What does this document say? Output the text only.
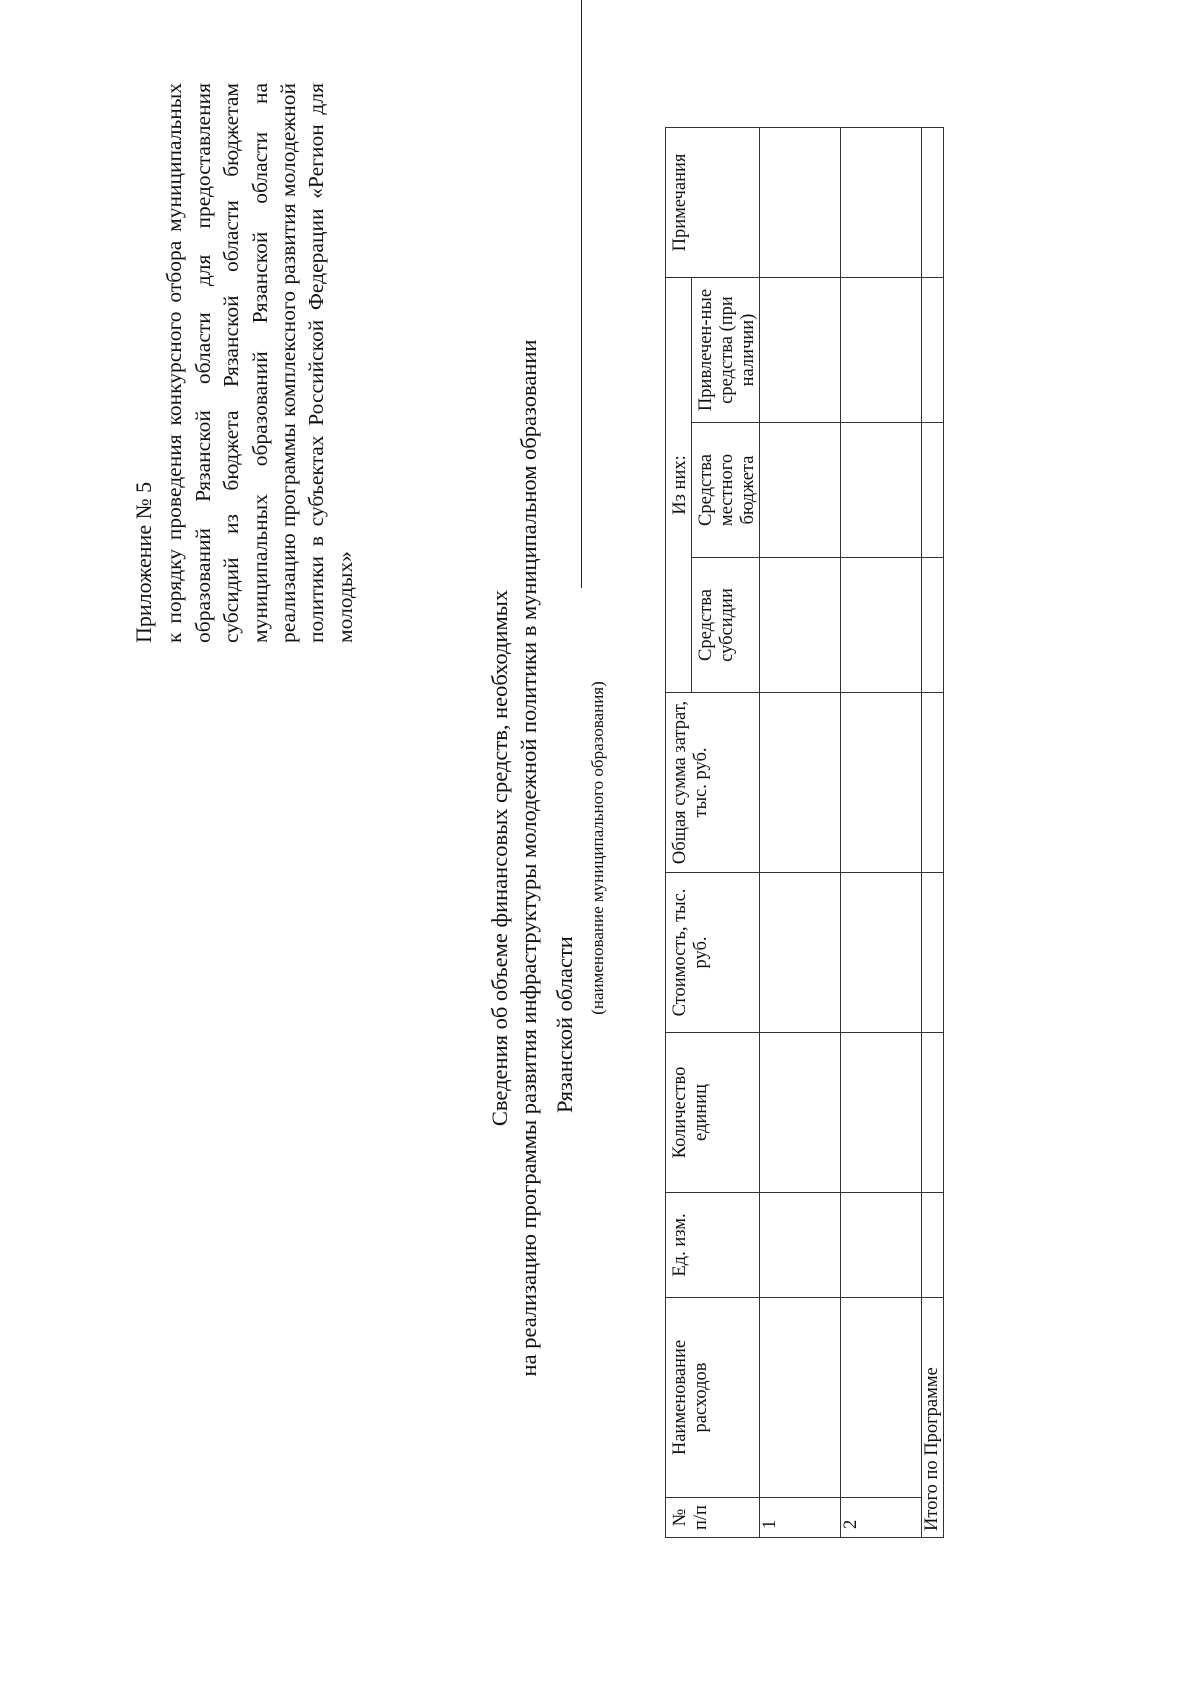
Приложение № 5 к порядку проведения конкурсного отбора муниципальных образований Рязанской области для предоставления субсидий из бюджета Рязанской области бюджетам муниципальных образований Рязанской области на реализацию программы комплексного развития молодежной политики в субъектах Российской Федерации «Регион для молодых»	Сведения об объеме финансовых средств, необходимых на реализацию программы развития инфраструктуры молодежной политики в муниципальном образовании Рязанской области
(наименование муниципального образования)
№ п/п	Наименование расходов	Ед. изм.	Количество единиц	Стоимость, тыс. руб.	Общая сумма затрат, тыс. руб.	Из них:			Примечания
						Средства субсидии	Средства местного бюджета	Привлечен-ные средства (при наличии)	
1									
2									
Итого по Программе									
